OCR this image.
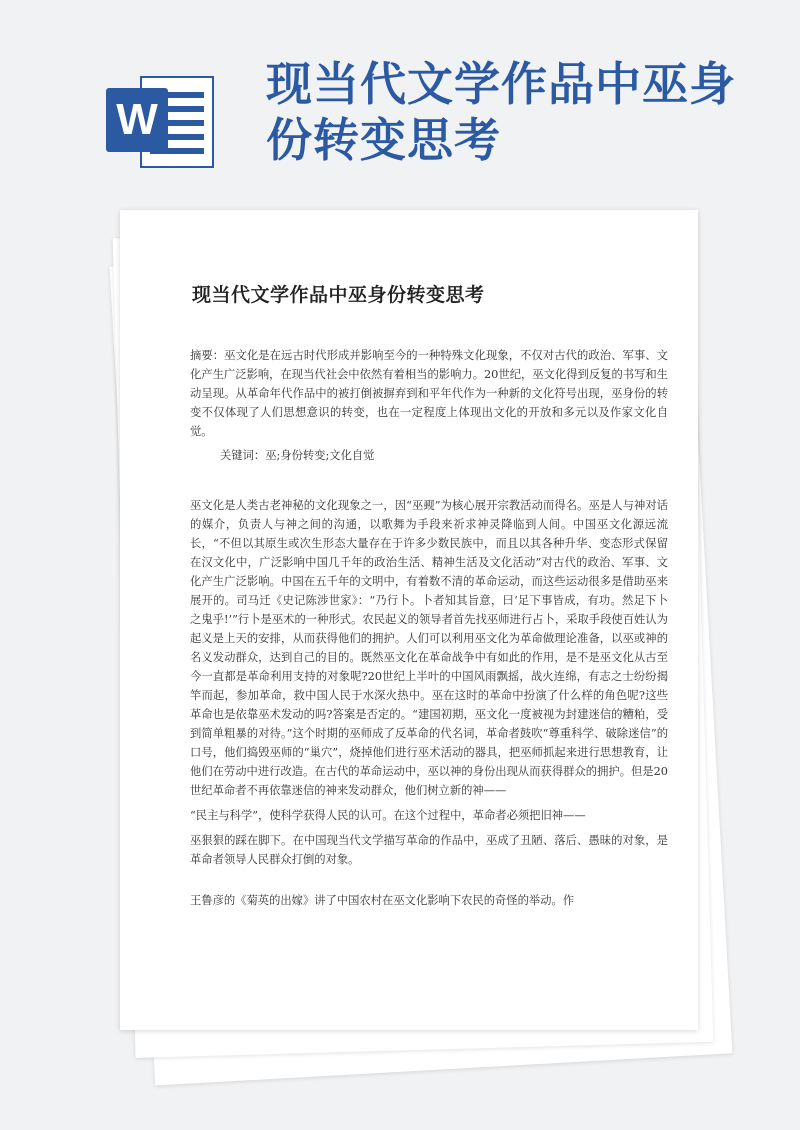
W
现当代文学作品中巫身份转变思考
现当代文学作品中巫身份转变思考

摘要：巫文化是在远古时代形成并影响至今的一种特殊文化现象，不仅对古代的政治、军事、文化产生广泛影响，在现当代社会中依然有着相当的影响力。20世纪，巫文化得到反复的书写和生动呈现。从革命年代作品中的被打倒被摒弃到和平年代作为一种新的文化符号出现，巫身份的转变不仅体现了人们思想意识的转变，也在一定程度上体现出文化的开放和多元以及作家文化自觉。

关键词：巫;身份转变;文化自觉

巫文化是人类古老神秘的文化现象之一，因“巫觋”为核心展开宗教活动而得名。巫是人与神对话的媒介，负责人与神之间的沟通，以歌舞为手段来祈求神灵降临到人间。中国巫文化源远流长，“不但以其原生或次生形态大量存在于许多少数民族中，而且以其各种升华、变态形式保留在汉文化中，广泛影响中国几千年的政治生活、精神生活及文化活动”对古代的政治、军事、文化产生广泛影响。中国在五千年的文明中，有着数不清的革命运动，而这些运动很多是借助巫来展开的。司马迁《史记陈涉世家》：“乃行卜。卜者知其旨意，曰‘足下事皆成，有功。然足下卜之鬼乎!’”行卜是巫术的一种形式。农民起义的领导者首先找巫师进行占卜，采取手段使百姓认为起义是上天的安排，从而获得他们的拥护。人们可以利用巫文化为革命做理论准备，以巫或神的名义发动群众，达到自己的目的。既然巫文化在革命战争中有如此的作用，是不是巫文化从古至今一直都是革命利用支持的对象呢?20世纪上半叶的中国风雨飘摇，战火连绵，有志之士纷纷揭竿而起，参加革命，救中国人民于水深火热中。巫在这时的革命中扮演了什么样的角色呢?这些革命也是依靠巫术发动的吗?答案是否定的。“建国初期，巫文化一度被视为封建迷信的糟粕，受到简单粗暴的对待。”这个时期的巫师成了反革命的代名词，革命者鼓吹“尊重科学、破除迷信”的口号，他们捣毁巫师的“巢穴”，烧掉他们进行巫术活动的器具，把巫师抓起来进行思想教育，让他们在劳动中进行改造。在古代的革命运动中，巫以神的身份出现从而获得群众的拥护。但是20世纪革命者不再依靠迷信的神来发动群众，他们树立新的神——

“民主与科学”，使科学获得人民的认可。在这个过程中，革命者必须把旧神——

巫狠狠的踩在脚下。在中国现当代文学描写革命的作品中，巫成了丑陋、落后、愚昧的对象，是革命者领导人民群众打倒的对象。

王鲁彦的《菊英的出嫁》讲了中国农村在巫文化影响下农民的奇怪的举动。作
